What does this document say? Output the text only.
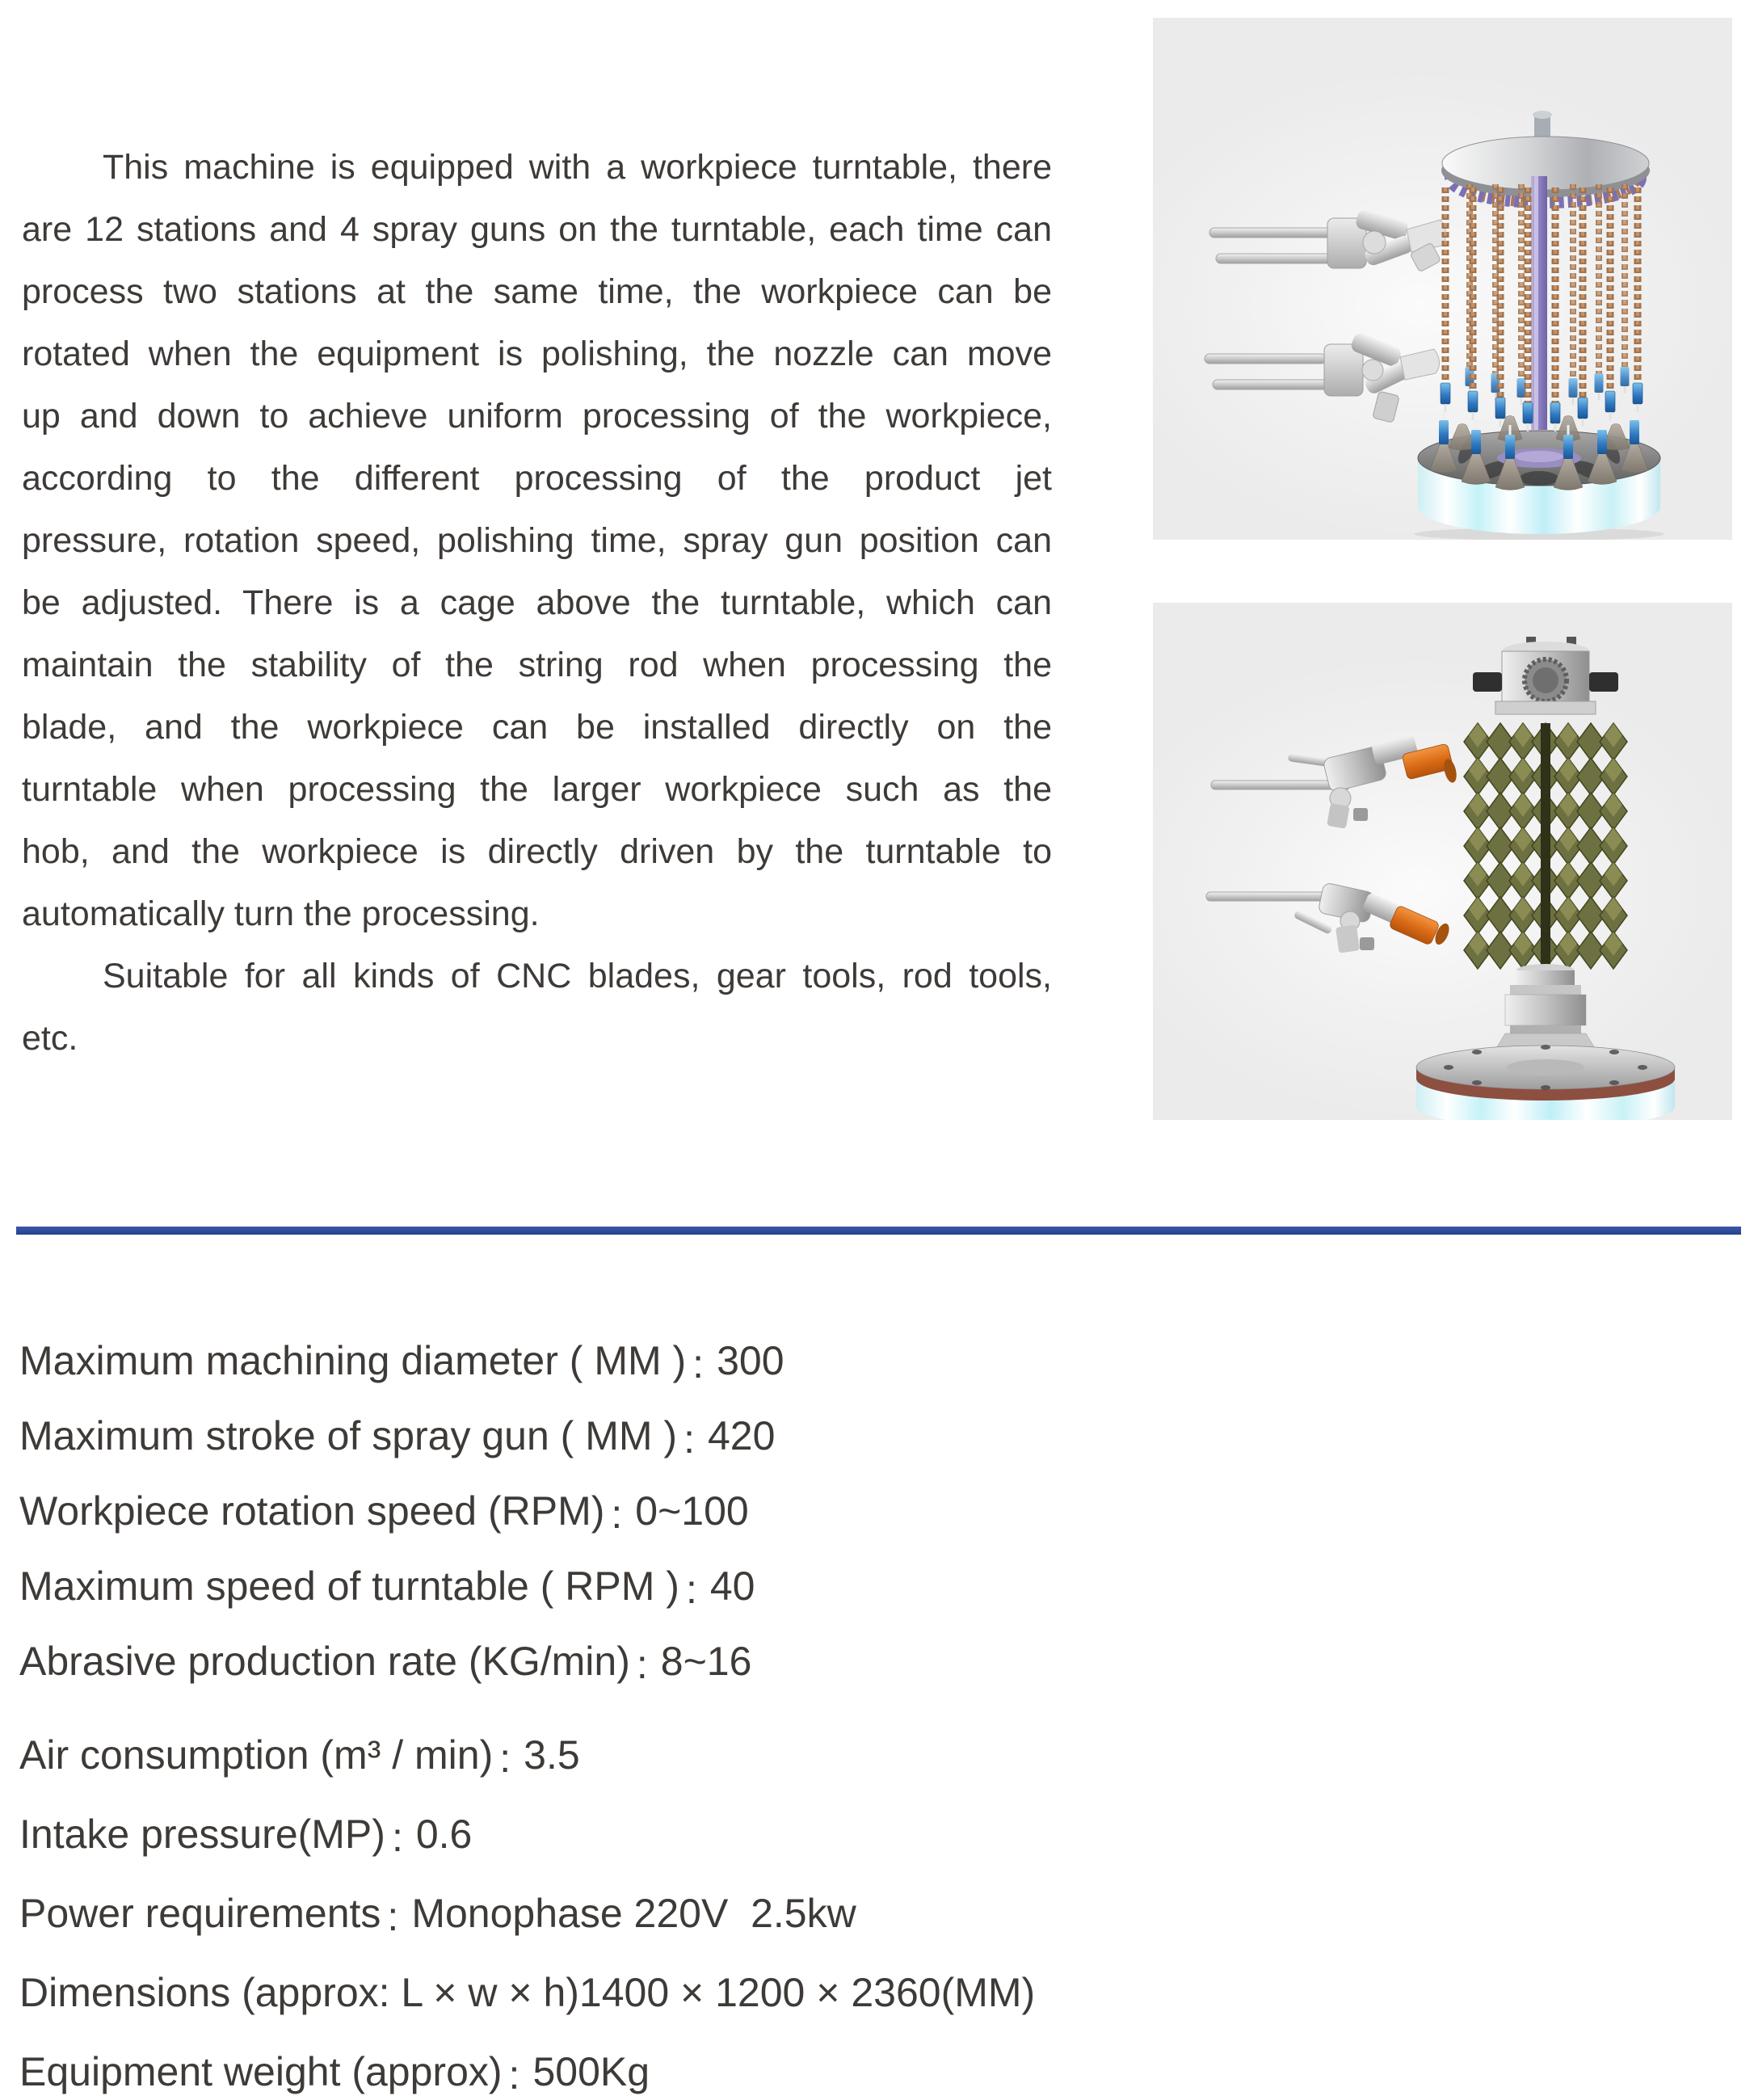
This machine is equipped with a workpiece turntable, there
are 12 stations and 4 spray guns on the turntable, each time can
process two stations at the same time, the workpiece can be
rotated when the equipment is polishing, the nozzle can move
up and down to achieve uniform processing of the workpiece,
according to the different processing of the product jet
pressure, rotation speed, polishing time, spray gun position can
be adjusted. There is a cage above the turntable, which can
maintain the stability of the string rod when processing the
blade, and the workpiece can be installed directly on the
turntable when processing the larger workpiece such as the
hob, and the workpiece is directly driven by the turntable to
automatically turn the processing.
Suitable for all kinds of CNC blades, gear tools, rod tools,
etc.
Maximum machining diameter ( MM ) : 300
Maximum stroke of spray gun ( MM ) : 420
Workpiece rotation speed (RPM) : 0~100
Maximum speed of turntable ( RPM ) : 40
Abrasive production rate (KG/min) : 8~16
Air consumption (m³ / min) : 3.5
Intake pressure(MP) : 0.6
Power requirements : Monophase 220V  2.5kw
Dimensions (approx: L × w × h)1400 × 1200 × 2360(MM)
Equipment weight (approx) : 500Kg
